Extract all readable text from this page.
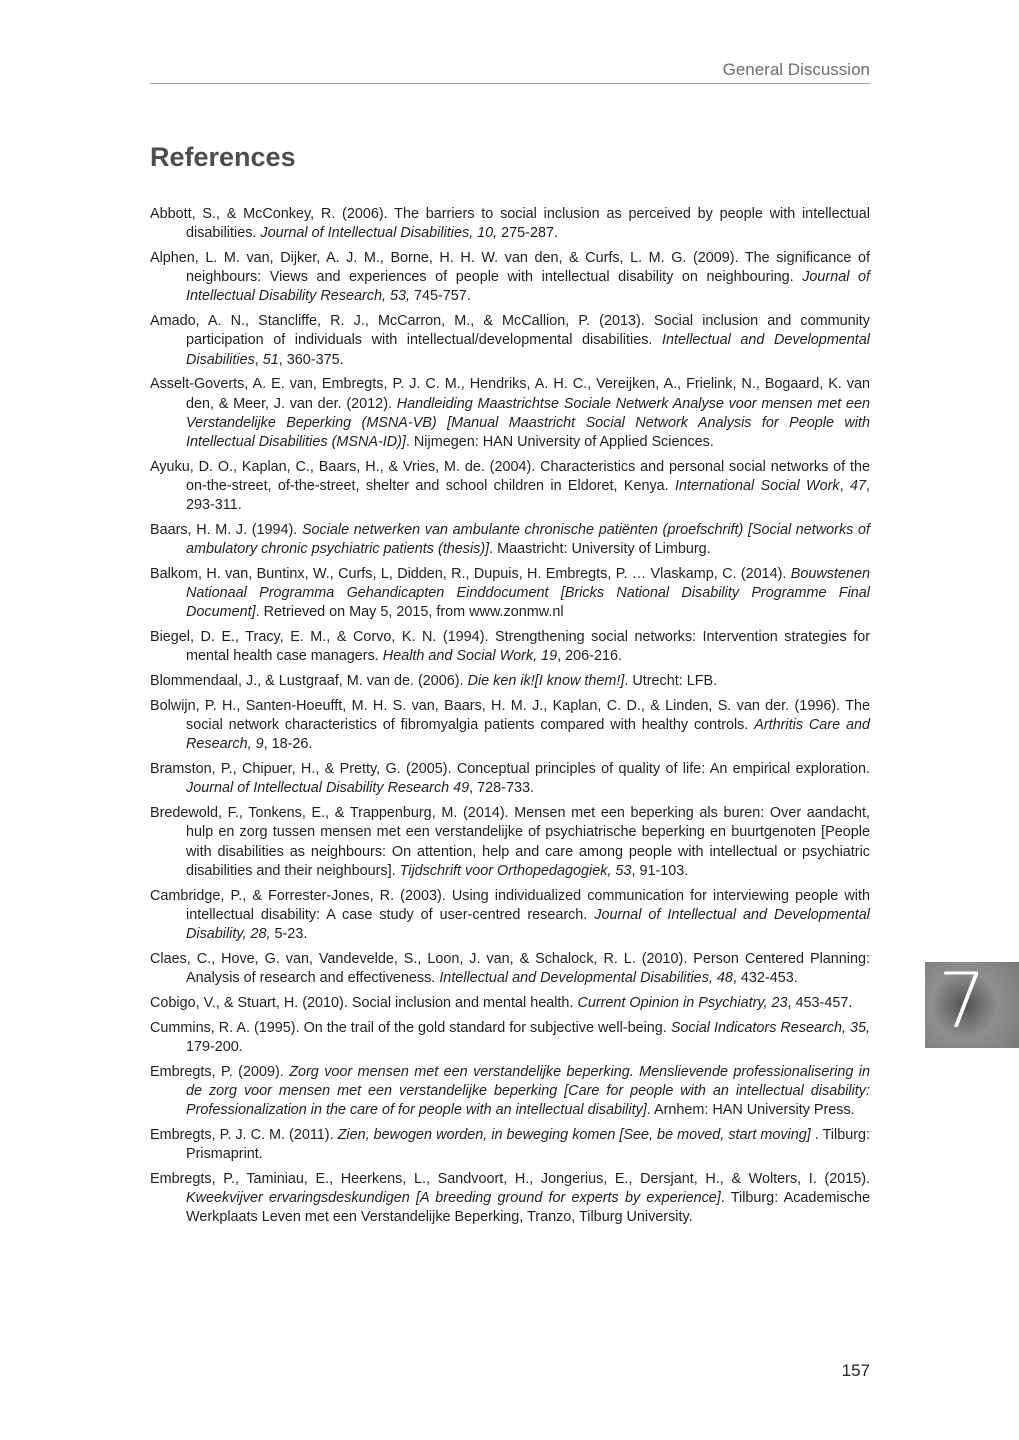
General Discussion
References

Abbott, S., & McConkey, R. (2006). The barriers to social inclusion as perceived by people with intellectual disabilities. Journal of Intellectual Disabilities, 10, 275-287.

Alphen, L. M. van, Dijker, A. J. M., Borne, H. H. W. van den, & Curfs, L. M. G. (2009). The significance of neighbours: Views and experiences of people with intellectual disability on neighbouring. Journal of Intellectual Disability Research, 53, 745-757.

Amado, A. N., Stancliffe, R. J., McCarron, M., & McCallion, P. (2013). Social inclusion and community participation of individuals with intellectual/developmental disabilities. Intellectual and Developmental Disabilities, 51, 360-375.

Asselt-Goverts, A. E. van, Embregts, P. J. C. M., Hendriks, A. H. C., Vereijken, A., Frielink, N., Bogaard, K. van den, & Meer, J. van der. (2012). Handleiding Maastrichtse Sociale Netwerk Analyse voor mensen met een Verstandelijke Beperking (MSNA-VB) [Manual Maastricht Social Network Analysis for People with Intellectual Disabilities (MSNA-ID)]. Nijmegen: HAN University of Applied Sciences.

Ayuku, D. O., Kaplan, C., Baars, H., & Vries, M. de. (2004). Characteristics and personal social networks of the on-the-street, of-the-street, shelter and school children in Eldoret, Kenya. International Social Work, 47, 293-311.

Baars, H. M. J. (1994). Sociale netwerken van ambulante chronische patiënten (proefschrift) [Social networks of ambulatory chronic psychiatric patients (thesis)]. Maastricht: University of Limburg.

Balkom, H. van, Buntinx, W., Curfs, L, Didden, R., Dupuis, H. Embregts, P. … Vlaskamp, C. (2014). Bouwstenen Nationaal Programma Gehandicapten Einddocument [Bricks National Disability Programme Final Document]. Retrieved on May 5, 2015, from www.zonmw.nl

Biegel, D. E., Tracy, E. M., & Corvo, K. N. (1994). Strengthening social networks: Intervention strategies for mental health case managers. Health and Social Work, 19, 206-216.

Blommendaal, J., & Lustgraaf, M. van de. (2006). Die ken ik![I know them!]. Utrecht: LFB.

Bolwijn, P. H., Santen-Hoeufft, M. H. S. van, Baars, H. M. J., Kaplan, C. D., & Linden, S. van der. (1996). The social network characteristics of fibromyalgia patients compared with healthy controls. Arthritis Care and Research, 9, 18-26.

Bramston, P., Chipuer, H., & Pretty, G. (2005). Conceptual principles of quality of life: An empirical exploration. Journal of Intellectual Disability Research 49, 728-733.

Bredewold, F., Tonkens, E., & Trappenburg, M. (2014). Mensen met een beperking als buren: Over aandacht, hulp en zorg tussen mensen met een verstandelijke of psychiatrische beperking en buurtgenoten [People with disabilities as neighbours: On attention, help and care among people with intellectual or psychiatric disabilities and their neighbours]. Tijdschrift voor Orthopedagogiek, 53, 91-103.

Cambridge, P., & Forrester-Jones, R. (2003). Using individualized communication for interviewing people with intellectual disability: A case study of user-centred research. Journal of Intellectual and Developmental Disability, 28, 5-23.

Claes, C., Hove, G. van, Vandevelde, S., Loon, J. van, & Schalock, R. L. (2010). Person Centered Planning: Analysis of research and effectiveness. Intellectual and Developmental Disabilities, 48, 432-453.

Cobigo, V., & Stuart, H. (2010). Social inclusion and mental health. Current Opinion in Psychiatry, 23, 453-457.

Cummins, R. A. (1995). On the trail of the gold standard for subjective well-being. Social Indicators Research, 35, 179-200.

Embregts, P. (2009). Zorg voor mensen met een verstandelijke beperking. Menslievende professionalisering in de zorg voor mensen met een verstandelijke beperking [Care for people with an intellectual disability: Professionalization in the care of for people with an intellectual disability]. Arnhem: HAN University Press.

Embregts, P. J. C. M. (2011). Zien, bewogen worden, in beweging komen [See, be moved, start moving] . Tilburg: Prismaprint.

Embregts, P., Taminiau, E., Heerkens, L., Sandvoort, H., Jongerius, E., Dersjant, H., & Wolters, I. (2015). Kweekvijver ervaringsdeskundigen [A breeding ground for experts by experience]. Tilburg: Academische Werkplaats Leven met een Verstandelijke Beperking, Tranzo, Tilburg University.

7
157
